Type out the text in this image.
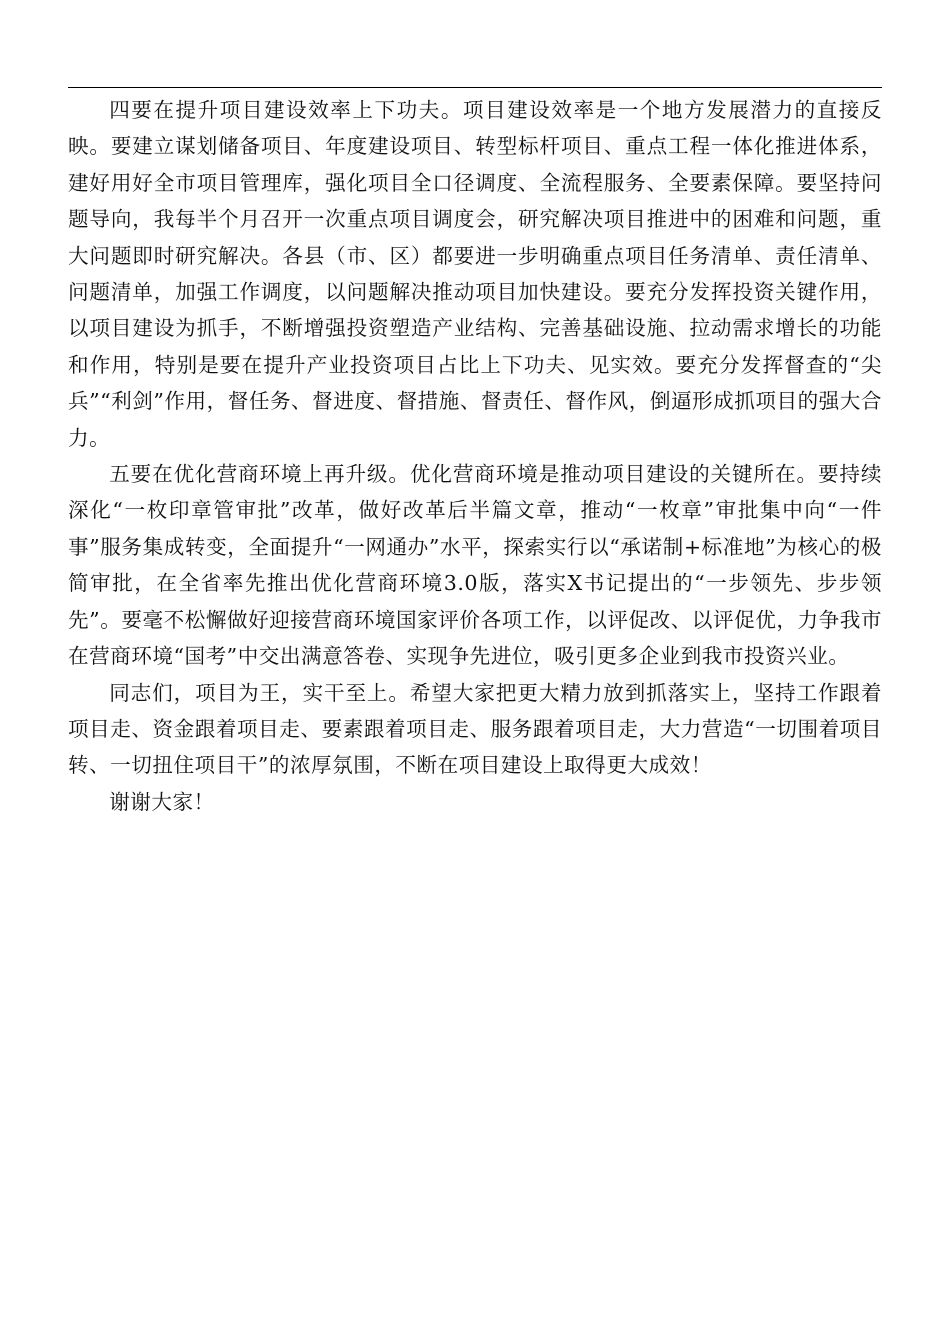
四要在提升项目建设效率上下功夫。项目建设效率是一个地方发展潜力的直接反映。要建立谋划储备项目、年度建设项目、转型标杆项目、重点工程一体化推进体系，建好用好全市项目管理库，强化项目全口径调度、全流程服务、全要素保障。要坚持问题导向，我每半个月召开一次重点项目调度会，研究解决项目推进中的困难和问题，重大问题即时研究解决。各县（市、区）都要进一步明确重点项目任务清单、责任清单、问题清单，加强工作调度，以问题解决推动项目加快建设。要充分发挥投资关键作用，以项目建设为抓手，不断增强投资塑造产业结构、完善基础设施、拉动需求增长的功能和作用，特别是要在提升产业投资项目占比上下功夫、见实效。要充分发挥督查的“尖兵”“利剑”作用，督任务、督进度、督措施、督责任、督作风，倒逼形成抓项目的强大合力。

五要在优化营商环境上再升级。优化营商环境是推动项目建设的关键所在。要持续深化“一枚印章管审批”改革，做好改革后半篇文章，推动“一枚章”审批集中向“一件事”服务集成转变，全面提升“一网通办”水平，探索实行以“承诺制+标准地”为核心的极简审批，在全省率先推出优化营商环境3.0版，落实X书记提出的“一步领先、步步领先”。要毫不松懈做好迎接营商环境国家评价各项工作，以评促改、以评促优，力争我市在营商环境“国考”中交出满意答卷、实现争先进位，吸引更多企业到我市投资兴业。

同志们，项目为王，实干至上。希望大家把更大精力放到抓落实上，坚持工作跟着项目走、资金跟着项目走、要素跟着项目走、服务跟着项目走，大力营造“一切围着项目转、一切扭住项目干”的浓厚氛围，不断在项目建设上取得更大成效！

谢谢大家！
